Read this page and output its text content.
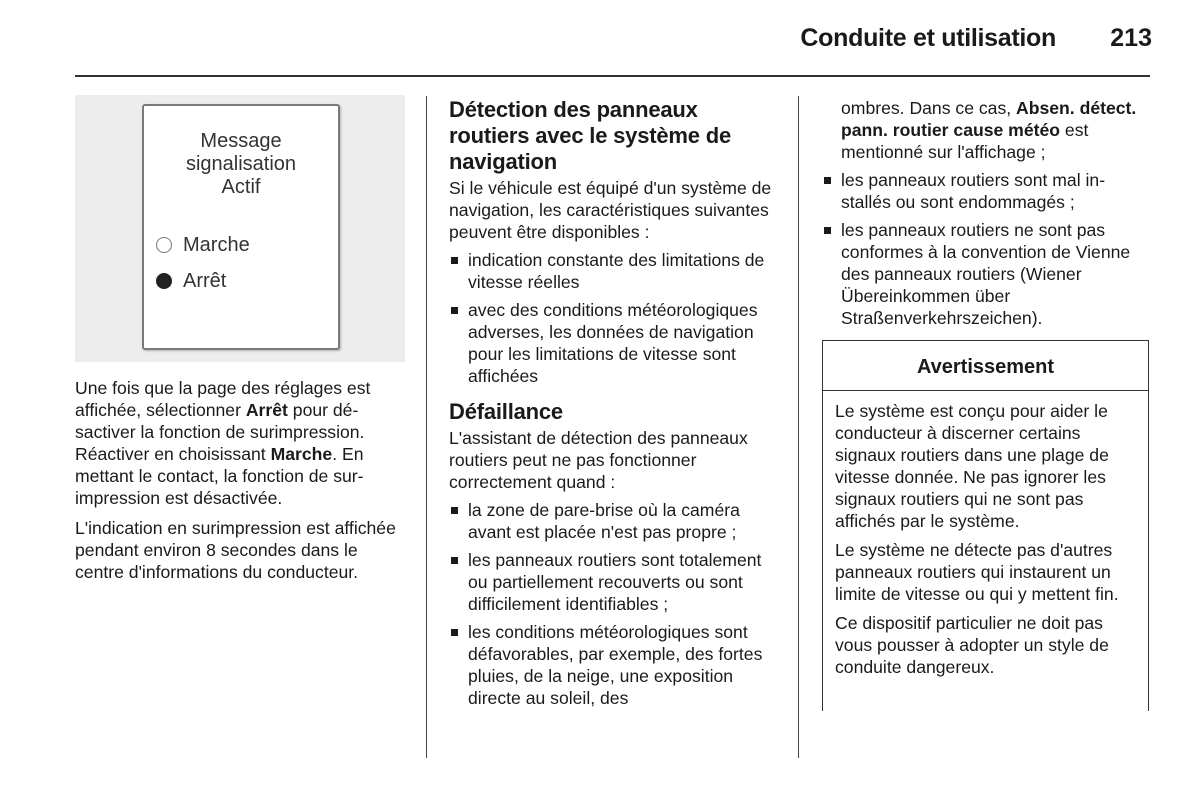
Conduite et utilisation	213
Message
signalisation
Actif
Marche
Arrêt

Une fois que la page des réglages est affichée, sélectionner Arrêt pour désactiver la fonction de surimpression. Réactiver en choisissant Marche. En mettant le contact, la fonction de surimpression est désactivée.

L'indication en surimpression est affichée pendant environ 8 secondes dans le centre d'informations du conducteur.

Détection des panneaux routiers avec le système de navigation

Si le véhicule est équipé d'un système de navigation, les caractéristiques suivantes peuvent être disponibles :

indication constante des limitations de vitesse réelles
avec des conditions météorologiques adverses, les données de navigation pour les limitations de vitesse sont affichées
Défaillance

L'assistant de détection des panneaux routiers peut ne pas fonctionner correctement quand :

la zone de pare-brise où la caméra avant est placée n'est pas propre ;
les panneaux routiers sont totalement ou partiellement recouverts ou sont difficilement identifiables ;
les conditions météorologiques sont défavorables, par exemple, des fortes pluies, de la neige, une exposition directe au soleil, des

ombres. Dans ce cas, Absen. détect. pann. routier cause météo est mentionné sur l'affichage ;

les panneaux routiers sont mal installés ou sont endommagés ;
les panneaux routiers ne sont pas conformes à la convention de Vienne des panneaux routiers (Wiener Übereinkommen über Straßenverkehrszeichen).
Avertissement

Le système est conçu pour aider le conducteur à discerner certains signaux routiers dans une plage de vitesse donnée. Ne pas ignorer les signaux routiers qui ne sont pas affichés par le système.

Le système ne détecte pas d'autres panneaux routiers qui instaurent un limite de vitesse ou qui y mettent fin.

Ce dispositif particulier ne doit pas vous pousser à adopter un style de conduite dangereux.
